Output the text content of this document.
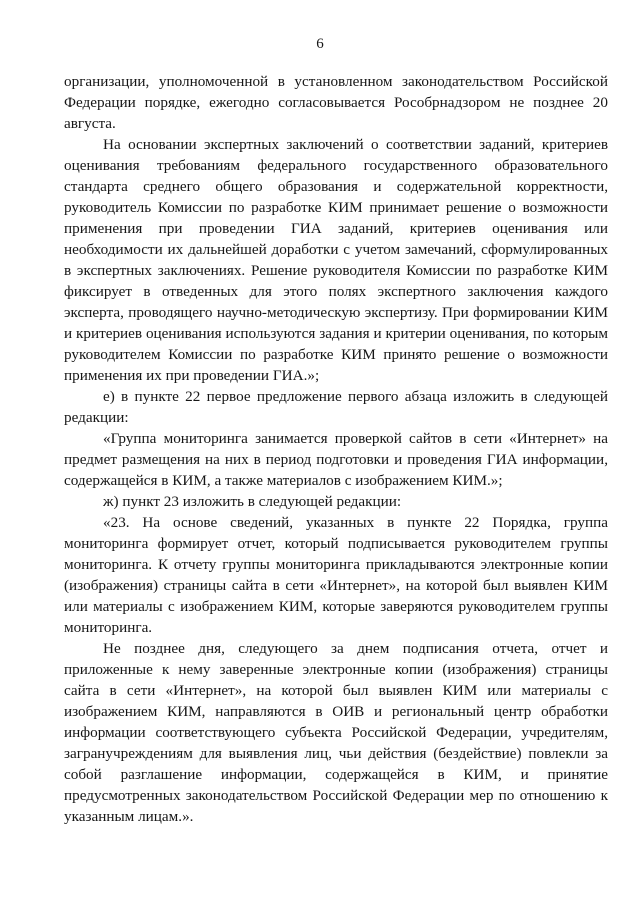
6

организации, уполномоченной в установленном законодательством Российской Федерации порядке, ежегодно согласовывается Рособрнадзором не позднее 20 августа.

На основании экспертных заключений о соответствии заданий, критериев оценивания требованиям федерального государственного образовательного стандарта среднего общего образования и содержательной корректности, руководитель Комиссии по разработке КИМ принимает решение о возможности применения при проведении ГИА заданий, критериев оценивания или необходимости их дальнейшей доработки с учетом замечаний, сформулированных в экспертных заключениях. Решение руководителя Комиссии по разработке КИМ фиксирует в отведенных для этого полях экспертного заключения каждого эксперта, проводящего научно-методическую экспертизу. При формировании КИМ и критериев оценивания используются задания и критерии оценивания, по которым руководителем Комиссии по разработке КИМ принято решение о возможности применения их при проведении ГИА.»;

е) в пункте 22 первое предложение первого абзаца изложить в следующей редакции:

«Группа мониторинга занимается проверкой сайтов в сети «Интернет» на предмет размещения на них в период подготовки и проведения ГИА информации, содержащейся в КИМ, а также материалов с изображением КИМ.»;

ж) пункт 23 изложить в следующей редакции:

«23. На основе сведений, указанных в пункте 22 Порядка, группа мониторинга формирует отчет, который подписывается руководителем группы мониторинга. К отчету группы мониторинга прикладываются электронные копии (изображения) страницы сайта в сети «Интернет», на которой был выявлен КИМ или материалы с изображением КИМ, которые заверяются руководителем группы мониторинга.

Не позднее дня, следующего за днем подписания отчета, отчет и приложенные к нему заверенные электронные копии (изображения) страницы сайта в сети «Интернет», на которой был выявлен КИМ или материалы с изображением КИМ, направляются в ОИВ и региональный центр обработки информации соответствующего субъекта Российской Федерации, учредителям, загранучреждениям для выявления лиц, чьи действия (бездействие) повлекли за собой разглашение информации, содержащейся в КИМ, и принятие предусмотренных законодательством Российской Федерации мер по отношению к указанным лицам.».
